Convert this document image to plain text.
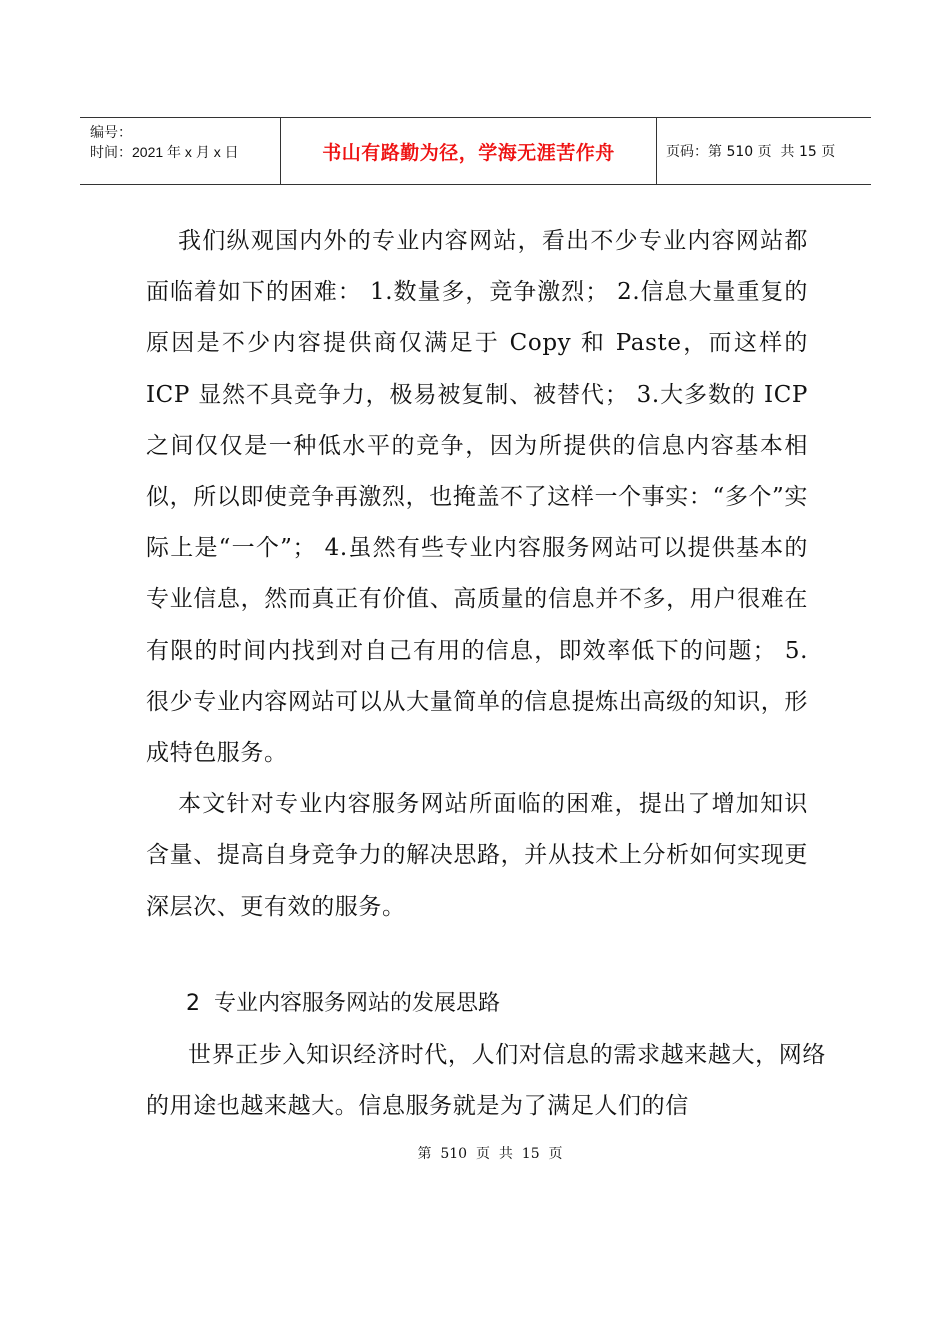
编号：
时间：2021 年 x 月 x 日	书山有路勤为径，学海无涯苦作舟	页码：第 510 页  共 15 页

我们纵观国内外的专业内容网站，看出不少专业内容网站都面临着如下的困难： 1.数量多，竞争激烈； 2.信息大量重复的原因是不少内容提供商仅满足于 Copy 和 Paste，而这样的 ICP 显然不具竞争力，极易被复制、被替代； 3.大多数的 ICP 之间仅仅是一种低水平的竞争，因为所提供的信息内容基本相似，所以即使竞争再激烈，也掩盖不了这样一个事实：“多个”实际上是“一个”； 4.虽然有些专业内容服务网站可以提供基本的专业信息，然而真正有价值、高质量的信息并不多，用户很难在有限的时间内找到对自己有用的信息，即效率低下的问题； 5.很少专业内容网站可以从大量简单的信息提炼出高级的知识，形成特色服务。

本文针对专业内容服务网站所面临的困难，提出了增加知识含量、提高自身竞争力的解决思路，并从技术上分析如何实现更深层次、更有效的服务。

2  专业内容服务网站的发展思路

世界正步入知识经济时代，人们对信息的需求越来越大，网络的用途也越来越大。信息服务就是为了满足人们的信

第  510  页  共  15  页
